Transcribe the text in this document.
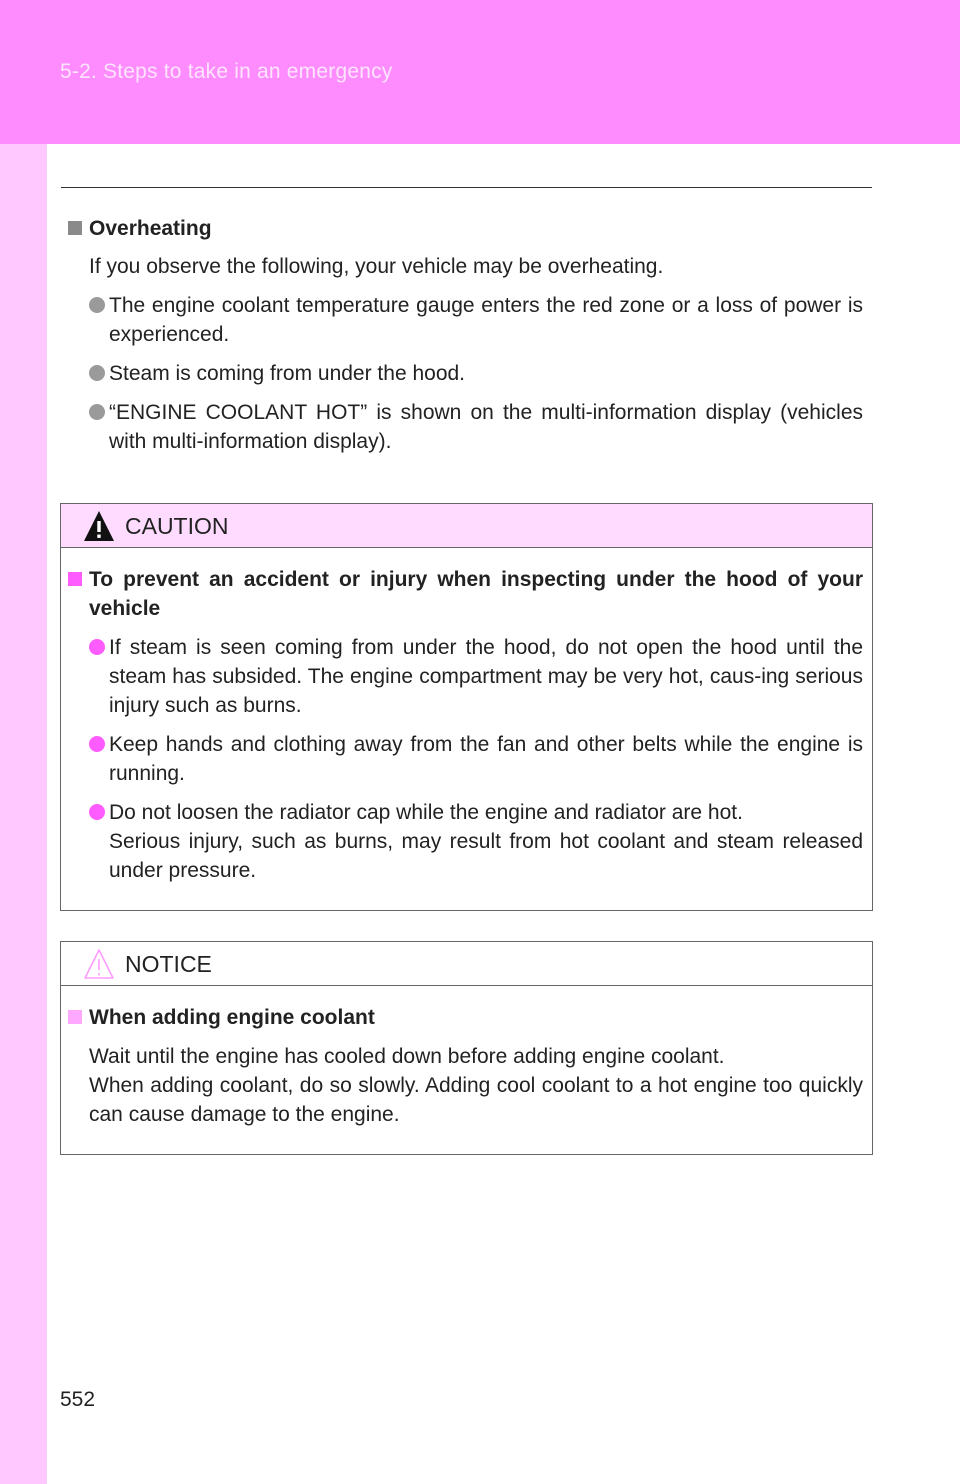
5-2. Steps to take in an emergency
Overheating
If you observe the following, your vehicle may be overheating.
The engine coolant temperature gauge enters the red zone or a loss of power is experienced.
Steam is coming from under the hood.
“ENGINE COOLANT HOT” is shown on the multi-information display (vehicles with multi-information display).
CAUTION
To prevent an accident or injury when inspecting under the hood of your vehicle
If steam is seen coming from under the hood, do not open the hood until the steam has subsided. The engine compartment may be very hot, caus-ing serious injury such as burns.
Keep hands and clothing away from the fan and other belts while the engine is running.
Do not loosen the radiator cap while the engine and radiator are hot.
Serious injury, such as burns, may result from hot coolant and steam released under pressure.
NOTICE
When adding engine coolant
Wait until the engine has cooled down before adding engine coolant.
When adding coolant, do so slowly. Adding cool coolant to a hot engine too quickly can cause damage to the engine.
552
